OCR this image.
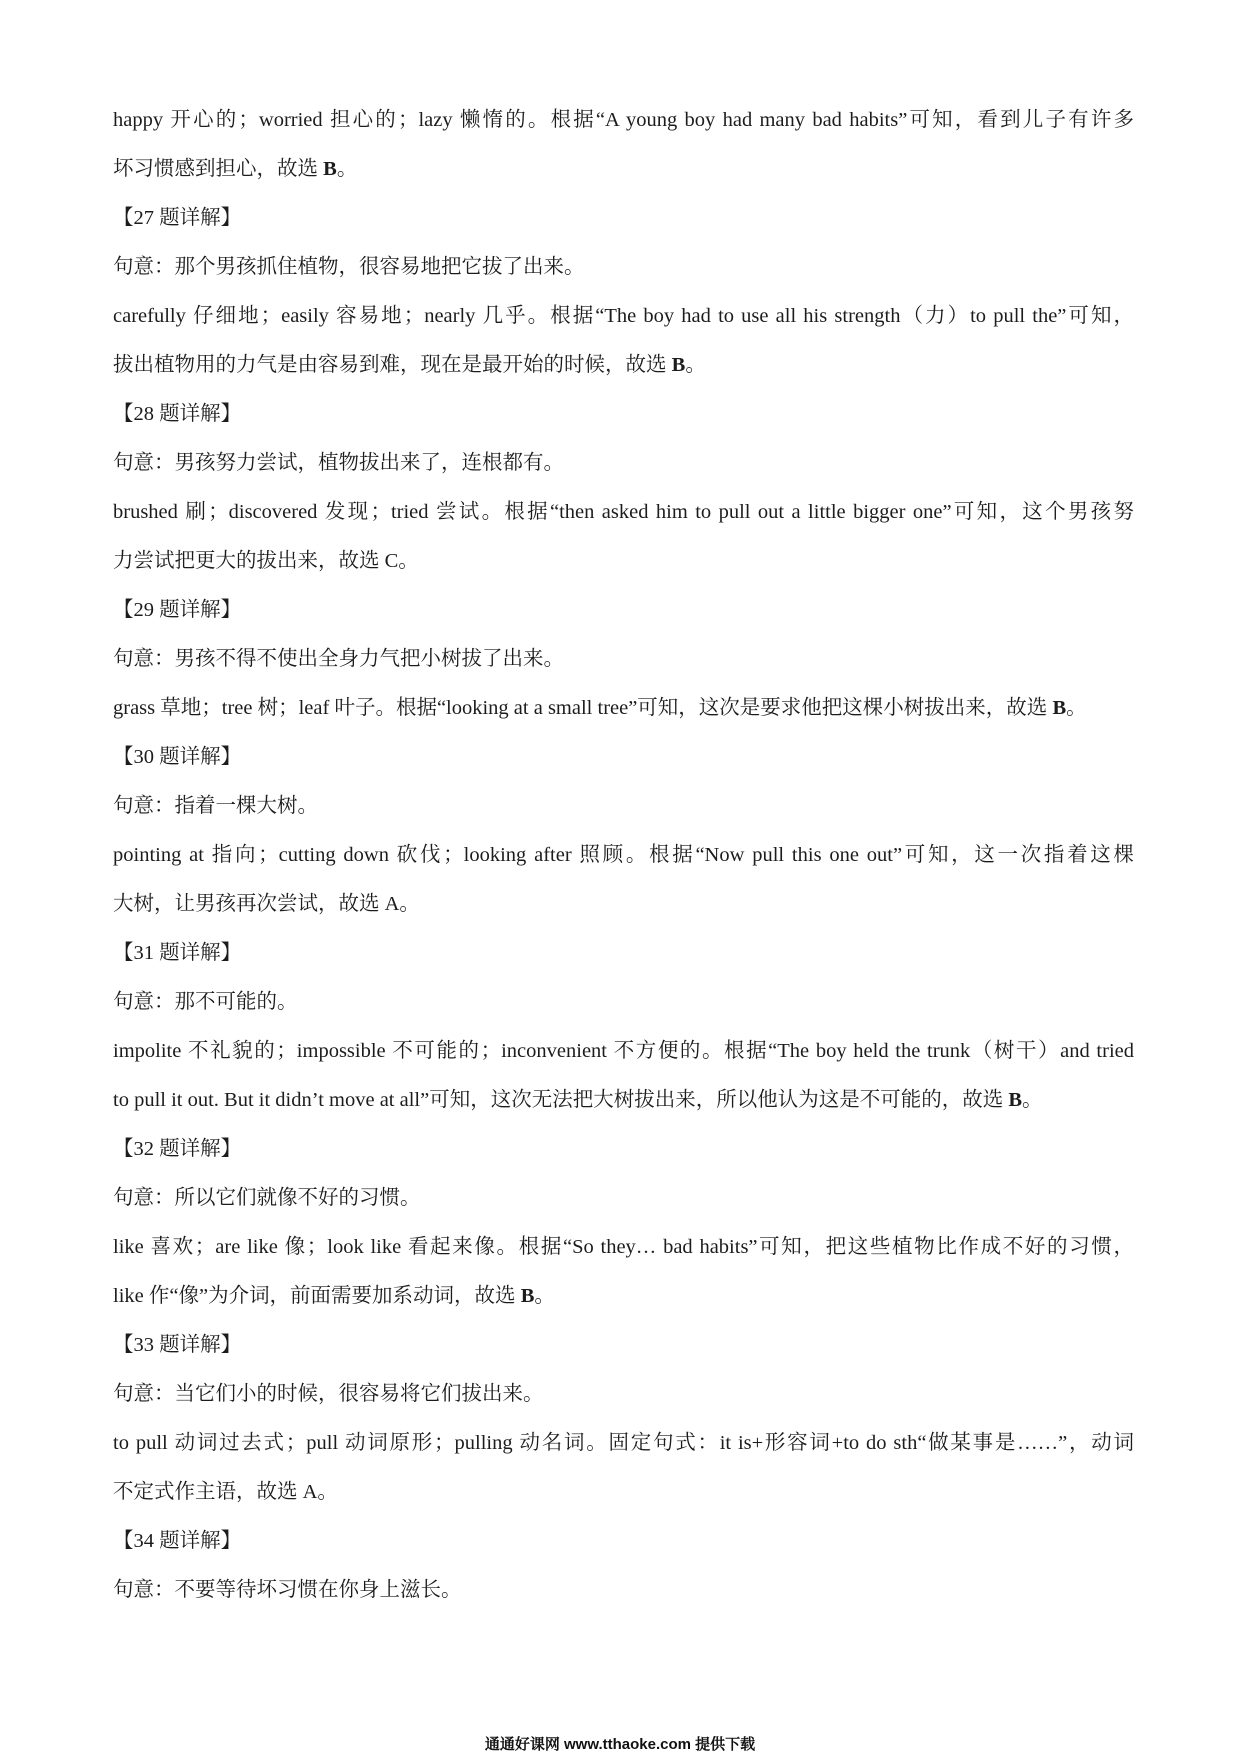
happy 开心的；worried 担心的；lazy 懒惰的。根据“A young boy had many bad habits”可知，看到儿子有许多
坏习惯感到担心，故选 B。
【27 题详解】
句意：那个男孩抓住植物，很容易地把它拔了出来。
carefully 仔细地；easily 容易地；nearly 几乎。根据“The boy had to use all his strength（力）to pull the”可知，
拔出植物用的力气是由容易到难，现在是最开始的时候，故选 B。
【28 题详解】
句意：男孩努力尝试，植物拔出来了，连根都有。
brushed 刷；discovered 发现；tried 尝试。根据“then asked him to pull out a little bigger one”可知，这个男孩努
力尝试把更大的拔出来，故选 C。
【29 题详解】
句意：男孩不得不使出全身力气把小树拔了出来。
grass 草地；tree 树；leaf 叶子。根据“looking at a small tree”可知，这次是要求他把这棵小树拔出来，故选 B。
【30 题详解】
句意：指着一棵大树。
pointing at 指向；cutting down 砍伐；looking after 照顾。根据“Now pull this one out”可知，这一次指着这棵
大树，让男孩再次尝试，故选 A。
【31 题详解】
句意：那不可能的。
impolite 不礼貌的；impossible 不可能的；inconvenient 不方便的。根据“The boy held the trunk（树干）and tried
to pull it out. But it didn’t move at all”可知，这次无法把大树拔出来，所以他认为这是不可能的，故选 B。
【32 题详解】
句意：所以它们就像不好的习惯。
like 喜欢；are like 像；look like 看起来像。根据“So they… bad habits”可知，把这些植物比作成不好的习惯，
like 作“像”为介词，前面需要加系动词，故选 B。
【33 题详解】
句意：当它们小的时候，很容易将它们拔出来。
to pull 动词过去式；pull 动词原形；pulling 动名词。固定句式：it is+形容词+to do sth“做某事是……”，动词
不定式作主语，故选 A。
【34 题详解】
句意：不要等待坏习惯在你身上滋长。
通通好课网 www.tthaoke.com 提供下载
